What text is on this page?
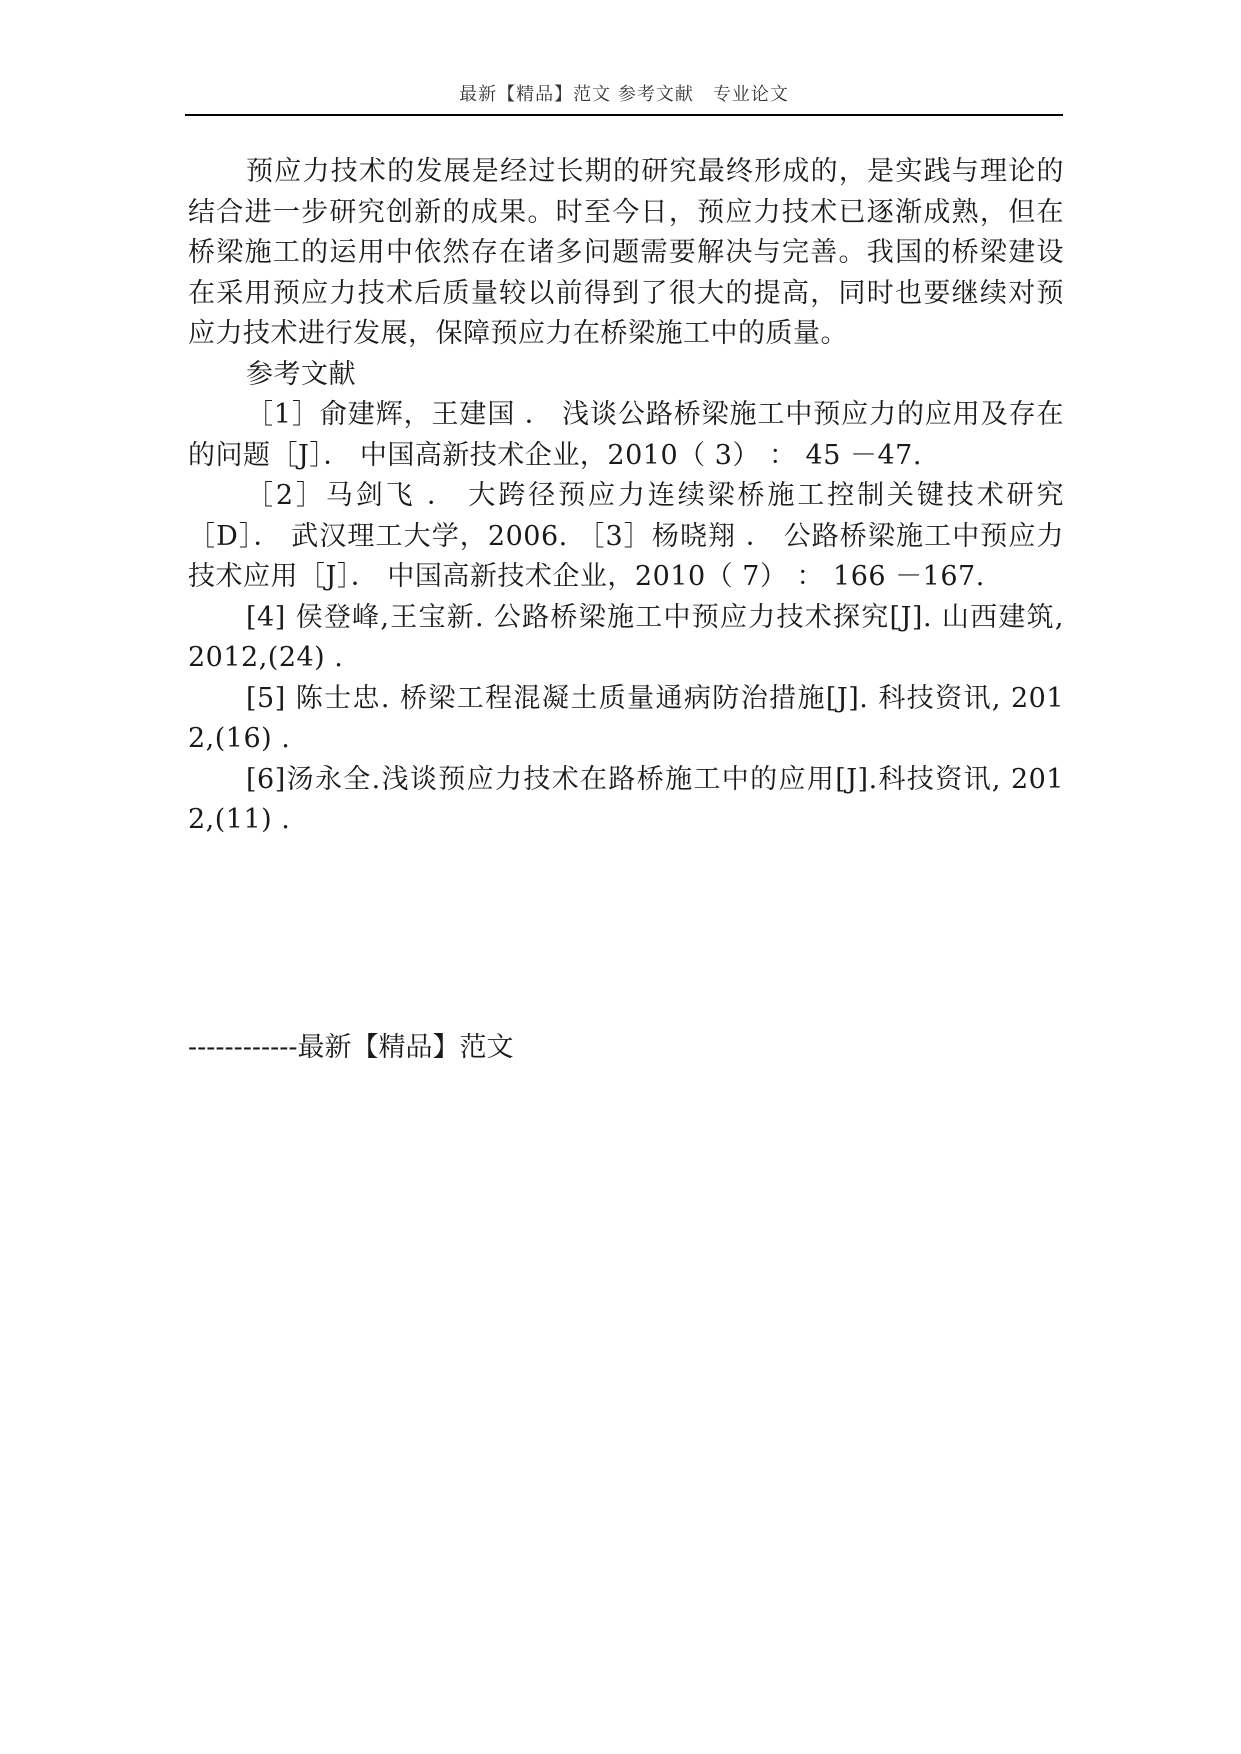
最新【精品】范文 参考文献　专业论文

预应力技术的发展是经过长期的研究最终形成的，是实践与理论的结合进一步研究创新的成果。时至今日，预应力技术已逐渐成熟，但在桥梁施工的运用中依然存在诸多问题需要解决与完善。我国的桥梁建设在采用预应力技术后质量较以前得到了很大的提高，同时也要继续对预应力技术进行发展，保障预应力在桥梁施工中的质量。

参考文献

［1］俞建辉，王建国 ． 浅谈公路桥梁施工中预应力的应用及存在的问题［J］． 中国高新技术企业，2010（ 3） ： 45 －47.

［2］马剑飞 ． 大跨径预应力连续梁桥施工控制关键技术研究［D］． 武汉理工大学，2006. ［3］杨晓翔 ． 公路桥梁施工中预应力技术应用［J］． 中国高新技术企业，2010（ 7） ： 166 －167.

[4] 侯登峰,王宝新. 公路桥梁施工中预应力技术探究[J]. 山西建筑, 2012,(24) .

[5] 陈士忠. 桥梁工程混凝土质量通病防治措施[J]. 科技资讯, 2012,(16) .

[6]汤永全.浅谈预应力技术在路桥施工中的应用[J].科技资讯, 2012,(11) .

------------最新【精品】范文
